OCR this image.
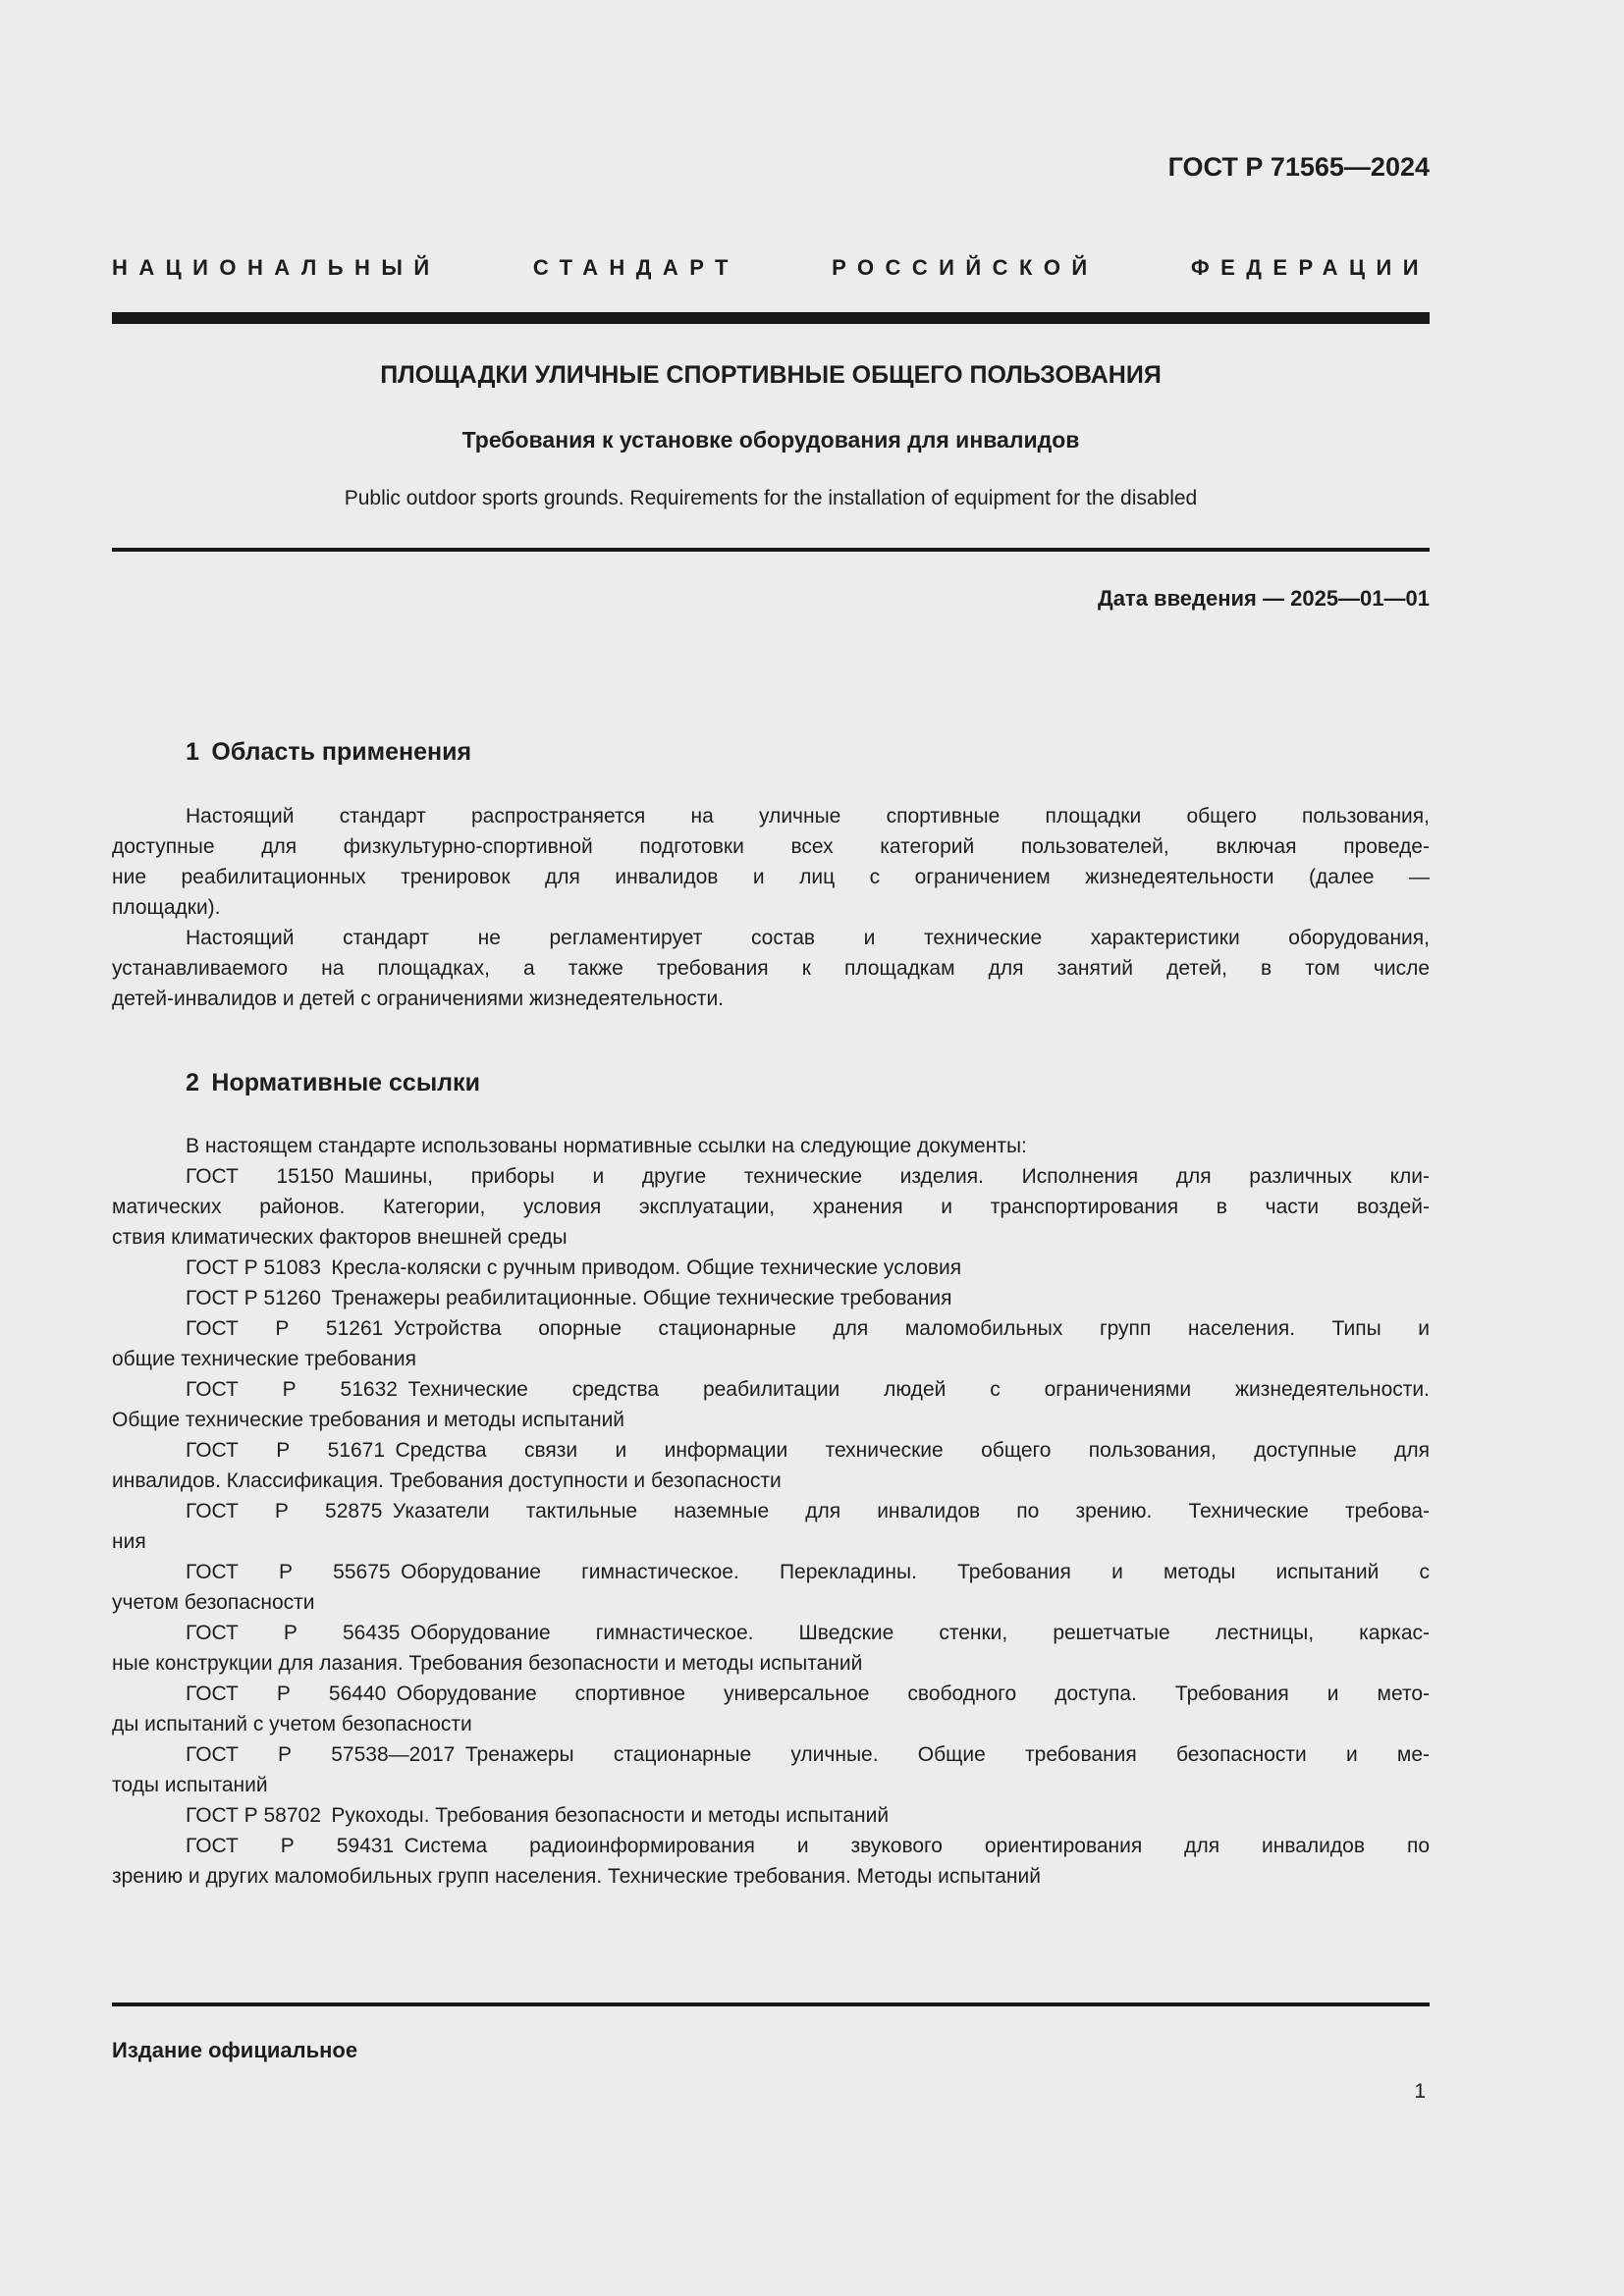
ГОСТ Р 71565—2024
НАЦИОНАЛЬНЫЙ СТАНДАРТ РОССИЙСКОЙ ФЕДЕРАЦИИ
ПЛОЩАДКИ УЛИЧНЫЕ СПОРТИВНЫЕ ОБЩЕГО ПОЛЬЗОВАНИЯ
Требования к установке оборудования для инвалидов
Public outdoor sports grounds. Requirements for the installation of equipment for the disabled
Дата введения — 2025—01—01
1 Область применения
Настоящий стандарт распространяется на уличные спортивные площадки общего пользования,
доступные для физкультурно-спортивной подготовки всех категорий пользователей, включая проведе-
ние реабилитационных тренировок для инвалидов и лиц с ограничением жизнедеятельности (далее —
площадки).
Настоящий стандарт не регламентирует состав и технические характеристики оборудования,
устанавливаемого на площадках, а также требования к площадкам для занятий детей, в том числе
детей-инвалидов и детей с ограничениями жизнедеятельности.
2 Нормативные ссылки
В настоящем стандарте использованы нормативные ссылки на следующие документы:
ГОСТ 15150 Машины, приборы и другие технические изделия. Исполнения для различных кли-
матических районов. Категории, условия эксплуатации, хранения и транспортирования в части воздей-
ствия климатических факторов внешней среды
ГОСТ Р 51083 Кресла-коляски с ручным приводом. Общие технические условия
ГОСТ Р 51260 Тренажеры реабилитационные. Общие технические требования
ГОСТ Р 51261 Устройства опорные стационарные для маломобильных групп населения. Типы и
общие технические требования
ГОСТ Р 51632 Технические средства реабилитации людей с ограничениями жизнедеятельности.
Общие технические требования и методы испытаний
ГОСТ Р 51671 Средства связи и информации технические общего пользования, доступные для
инвалидов. Классификация. Требования доступности и безопасности
ГОСТ Р 52875 Указатели тактильные наземные для инвалидов по зрению. Технические требова-
ния
ГОСТ Р 55675 Оборудование гимнастическое. Перекладины. Требования и методы испытаний с
учетом безопасности
ГОСТ Р 56435 Оборудование гимнастическое. Шведские стенки, решетчатые лестницы, каркас-
ные конструкции для лазания. Требования безопасности и методы испытаний
ГОСТ Р 56440 Оборудование спортивное универсальное свободного доступа. Требования и мето-
ды испытаний с учетом безопасности
ГОСТ Р 57538—2017 Тренажеры стационарные уличные. Общие требования безопасности и ме-
тоды испытаний
ГОСТ Р 58702 Рукоходы. Требования безопасности и методы испытаний
ГОСТ Р 59431 Система радиоинформирования и звукового ориентирования для инвалидов по
зрению и других маломобильных групп населения. Технические требования. Методы испытаний
Издание официальное
1
